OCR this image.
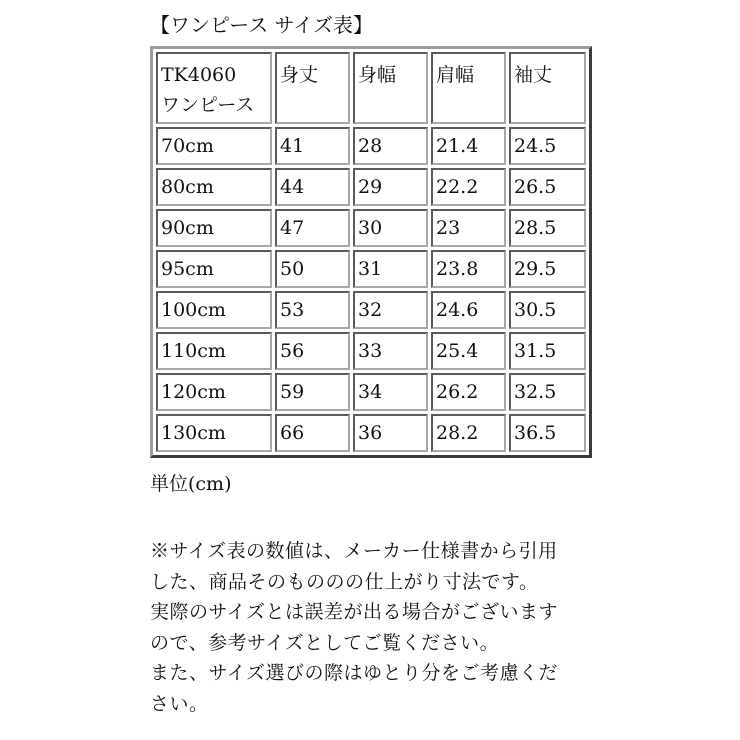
【ワンピース サイズ表】
TK4060
ワンピース	身丈	身幅	肩幅	袖丈
70cm	41	28	21.4	24.5
80cm	44	29	22.2	26.5
90cm	47	30	23	28.5
95cm	50	31	23.8	29.5
100cm	53	32	24.6	30.5
110cm	56	33	25.4	31.5
120cm	59	34	26.2	32.5
130cm	66	36	28.2	36.5
単位(cm)
※サイズ表の数値は、メーカー仕様書から引用
した、商品そのもののの仕上がり寸法です。
実際のサイズとは誤差が出る場合がございます
ので、参考サイズとしてご覧ください。
また、サイズ選びの際はゆとり分をご考慮くだ
さい。
